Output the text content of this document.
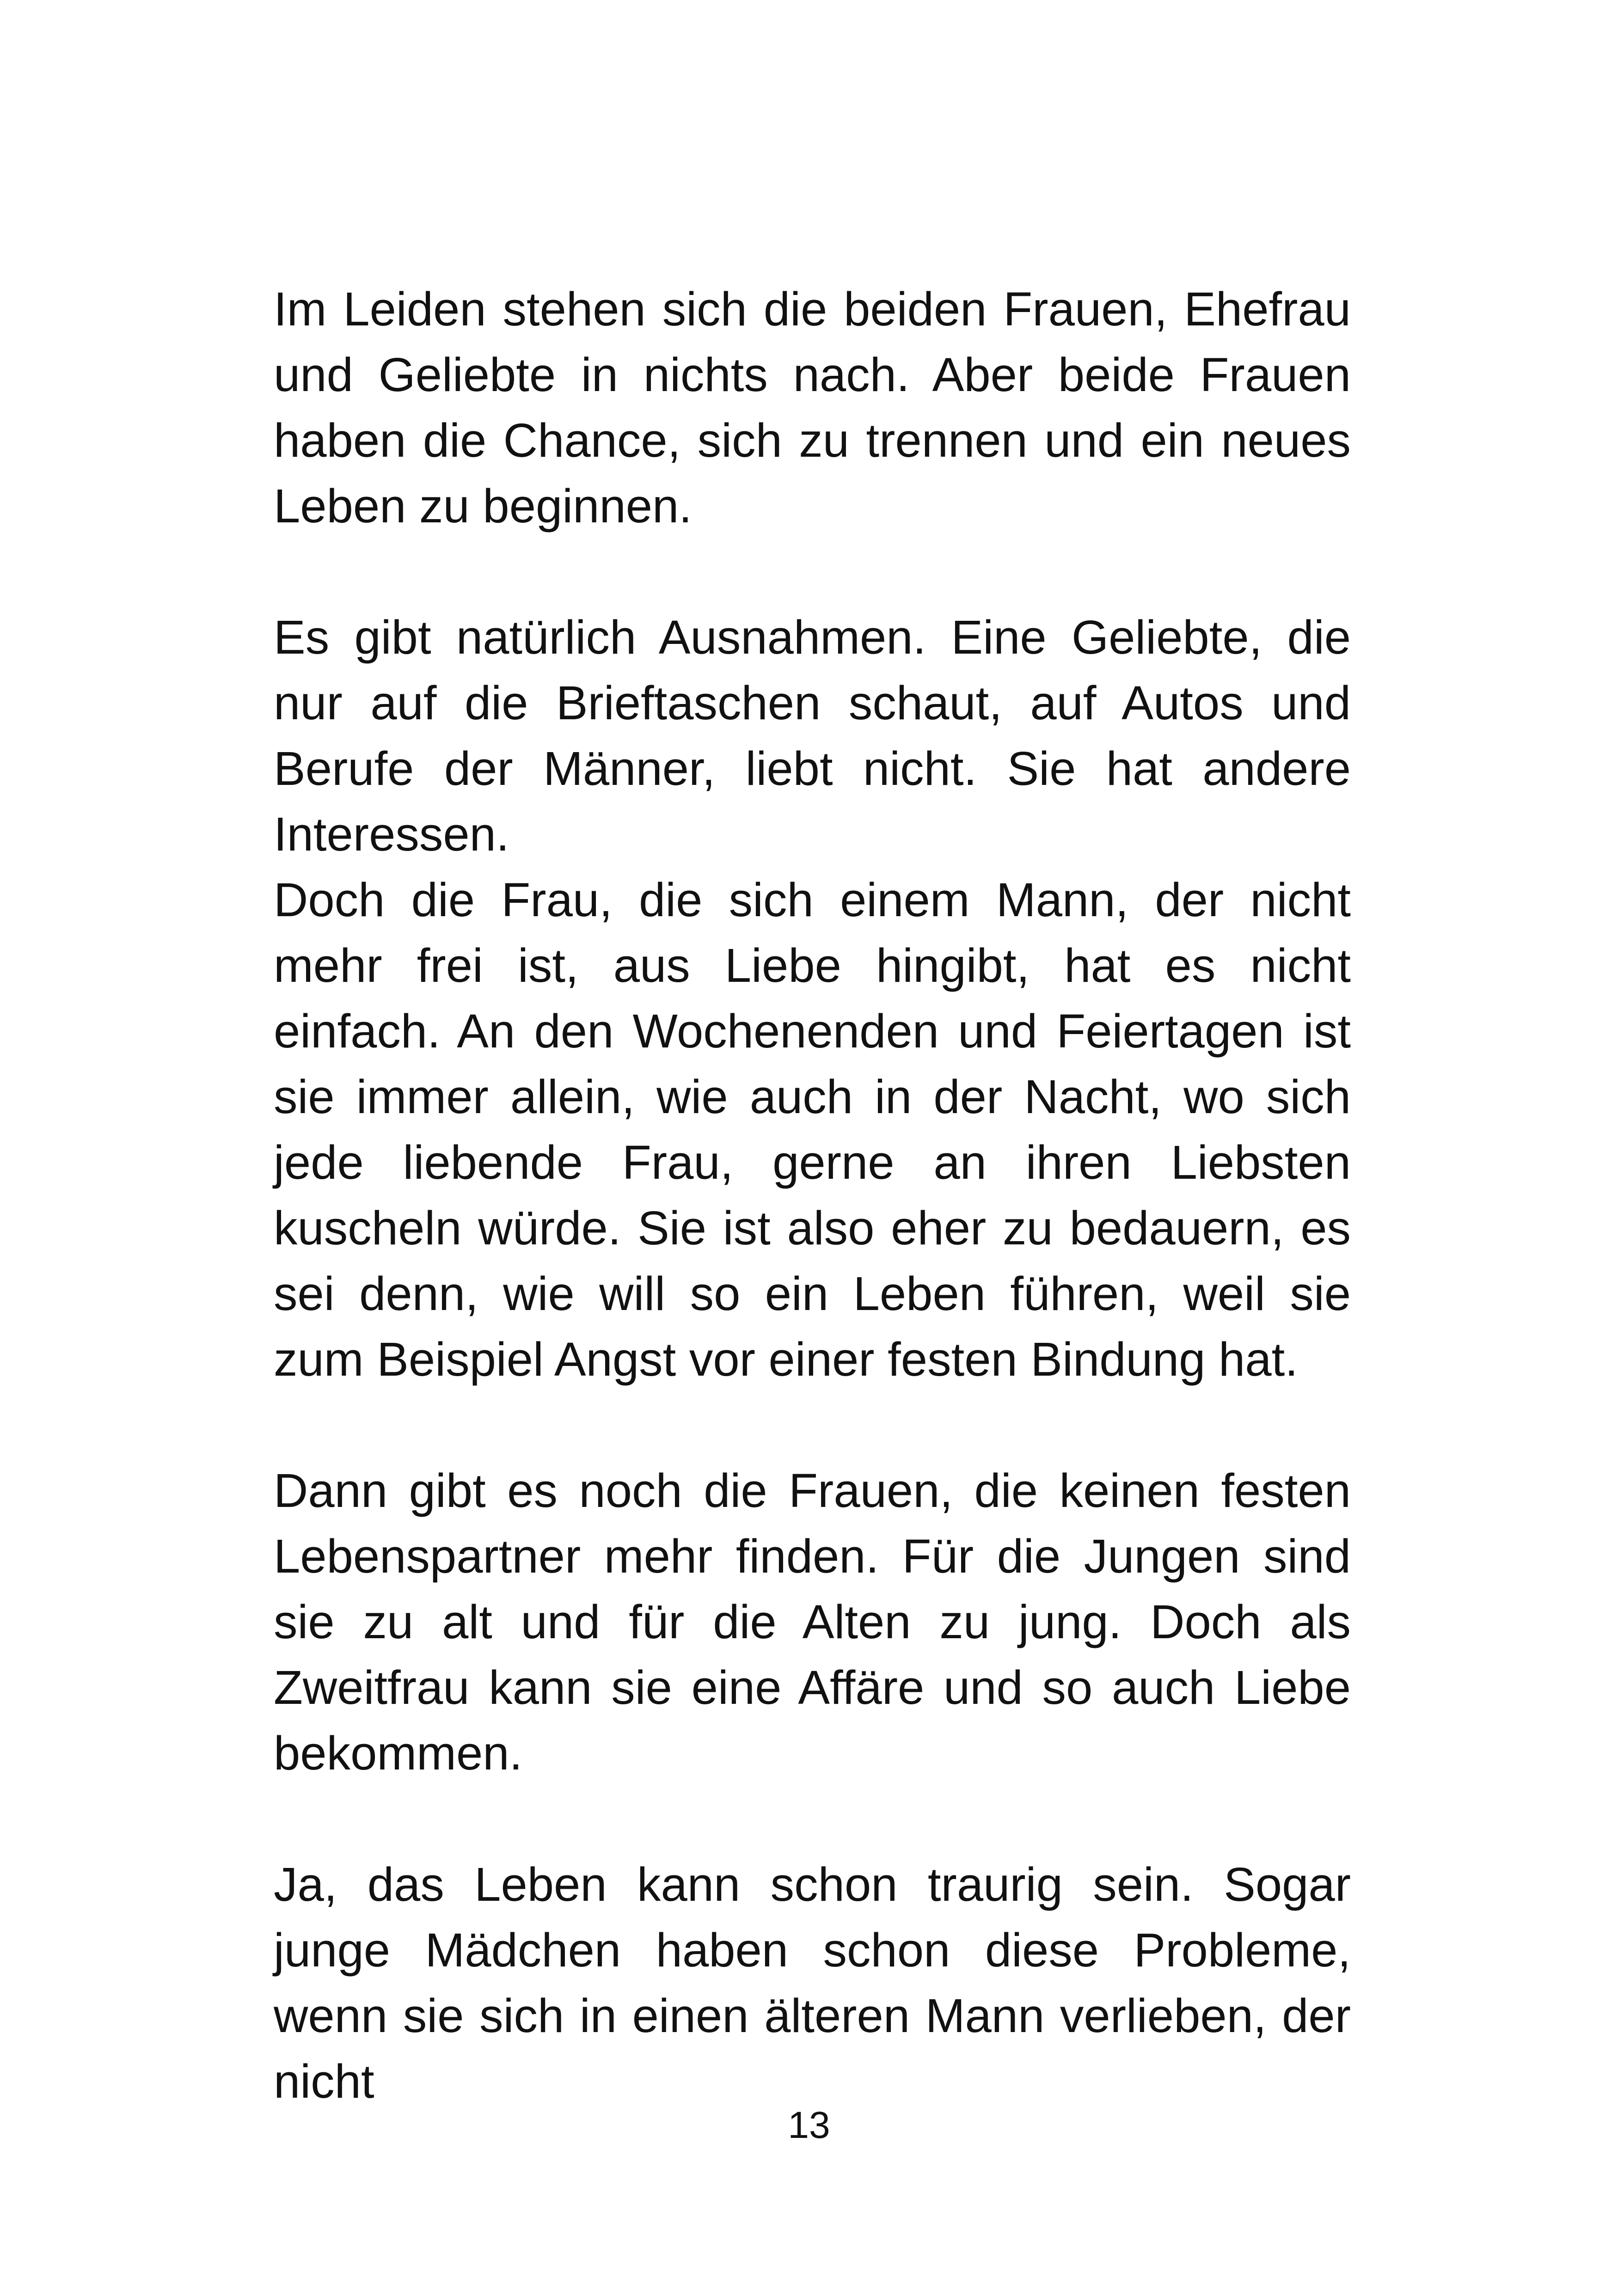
Im Leiden stehen sich die beiden Frauen, Ehefrau und Geliebte in nichts nach. Aber beide Frauen haben die Chance, sich zu trennen und ein neues Leben zu beginnen.

Es gibt natürlich Ausnahmen. Eine Geliebte, die nur auf die Brieftaschen schaut, auf Autos und Berufe der Männer, liebt nicht. Sie hat andere Interessen.

Doch die Frau, die sich einem Mann, der nicht mehr frei ist, aus Liebe hingibt, hat es nicht einfach. An den Wochenenden und Feiertagen ist sie immer allein, wie auch in der Nacht, wo sich jede liebende Frau, gerne an ihren Liebsten kuscheln würde. Sie ist also eher zu bedauern, es sei denn, wie will so ein Leben führen, weil sie zum Beispiel Angst vor einer festen Bindung hat.

Dann gibt es noch die Frauen, die keinen festen Lebenspartner mehr finden. Für die Jungen sind sie zu alt und für die Alten zu jung. Doch als Zweitfrau kann sie eine Affäre und so auch Liebe bekommen.

Ja, das Leben kann schon traurig sein. Sogar junge Mädchen haben schon diese Probleme, wenn sie sich in einen älteren Mann verlieben, der nicht

13
